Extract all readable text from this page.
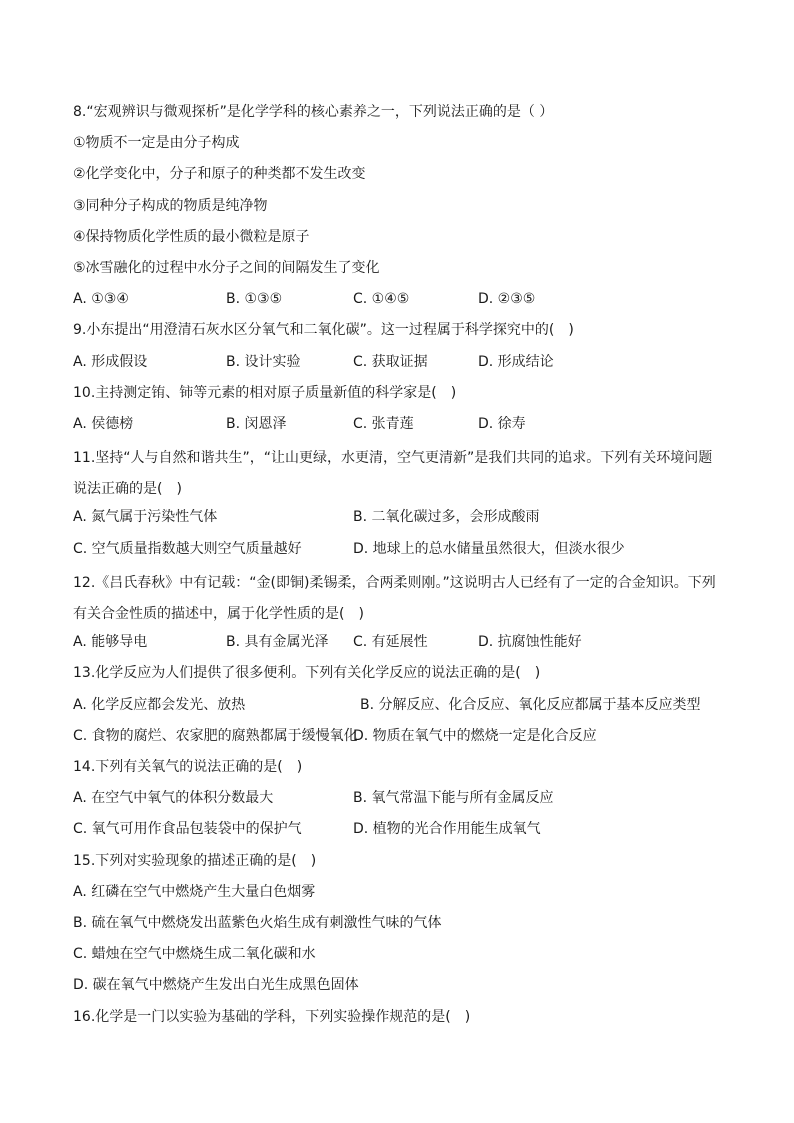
8.“宏观辨识与微观探析”是化学学科的核心素养之一，下列说法正确的是（ ）
①物质不一定是由分子构成
②化学变化中，分子和原子的种类都不发生改变
③同种分子构成的物质是纯净物
④保持物质化学性质的最小微粒是原子
⑤冰雪融化的过程中水分子之间的间隔发生了变化
A. ①③④	B. ①③⑤	C. ①④⑤	D. ②③⑤
9.小东提出“用澄清石灰水区分氧气和二氧化碳”。这一过程属于科学探究中的(　)
A. 形成假设	B. 设计实验	C. 获取证据	D. 形成结论
10.主持测定铕、铈等元素的相对原子质量新值的科学家是(　)
A. 侯德榜	B. 闵恩泽	C. 张青莲	D. 徐寿
11.坚持“人与自然和谐共生”，“让山更绿，水更清，空气更清新”是我们共同的追求。下列有关环境问题说法正确的是(　)
A. 氮气属于污染性气体	B. 二氧化碳过多，会形成酸雨
C. 空气质量指数越大则空气质量越好	D. 地球上的总水储量虽然很大，但淡水很少
12.《吕氏春秋》中有记载：“金(即铜)柔锡柔，合两柔则刚。”这说明古人已经有了一定的合金知识。下列有关合金性质的描述中，属于化学性质的是(　)
A. 能够导电	B. 具有金属光泽 C. 有延展性	D. 抗腐蚀性能好
13.化学反应为人们提供了很多便利。下列有关化学反应的说法正确的是(　)
A. 化学反应都会发光、放热	B. 分解反应、化合反应、氧化反应都属于基本反应类型
C. 食物的腐烂、农家肥的腐熟都属于缓慢氧化
D. 物质在氧气中的燃烧一定是化合反应
14.下列有关氧气的说法正确的是(　)
A. 在空气中氧气的体积分数最大	B. 氧气常温下能与所有金属反应
C. 氧气可用作食品包装袋中的保护气	D. 植物的光合作用能生成氧气
15.下列对实验现象的描述正确的是(　)
A. 红磷在空气中燃烧产生大量白色烟雾
B. 硫在氧气中燃烧发出蓝紫色火焰生成有刺激性气味的气体
C. 蜡烛在空气中燃烧生成二氧化碳和水
D. 碳在氧气中燃烧产生发出白光生成黑色固体
16.化学是一门以实验为基础的学科，下列实验操作规范的是(　)
